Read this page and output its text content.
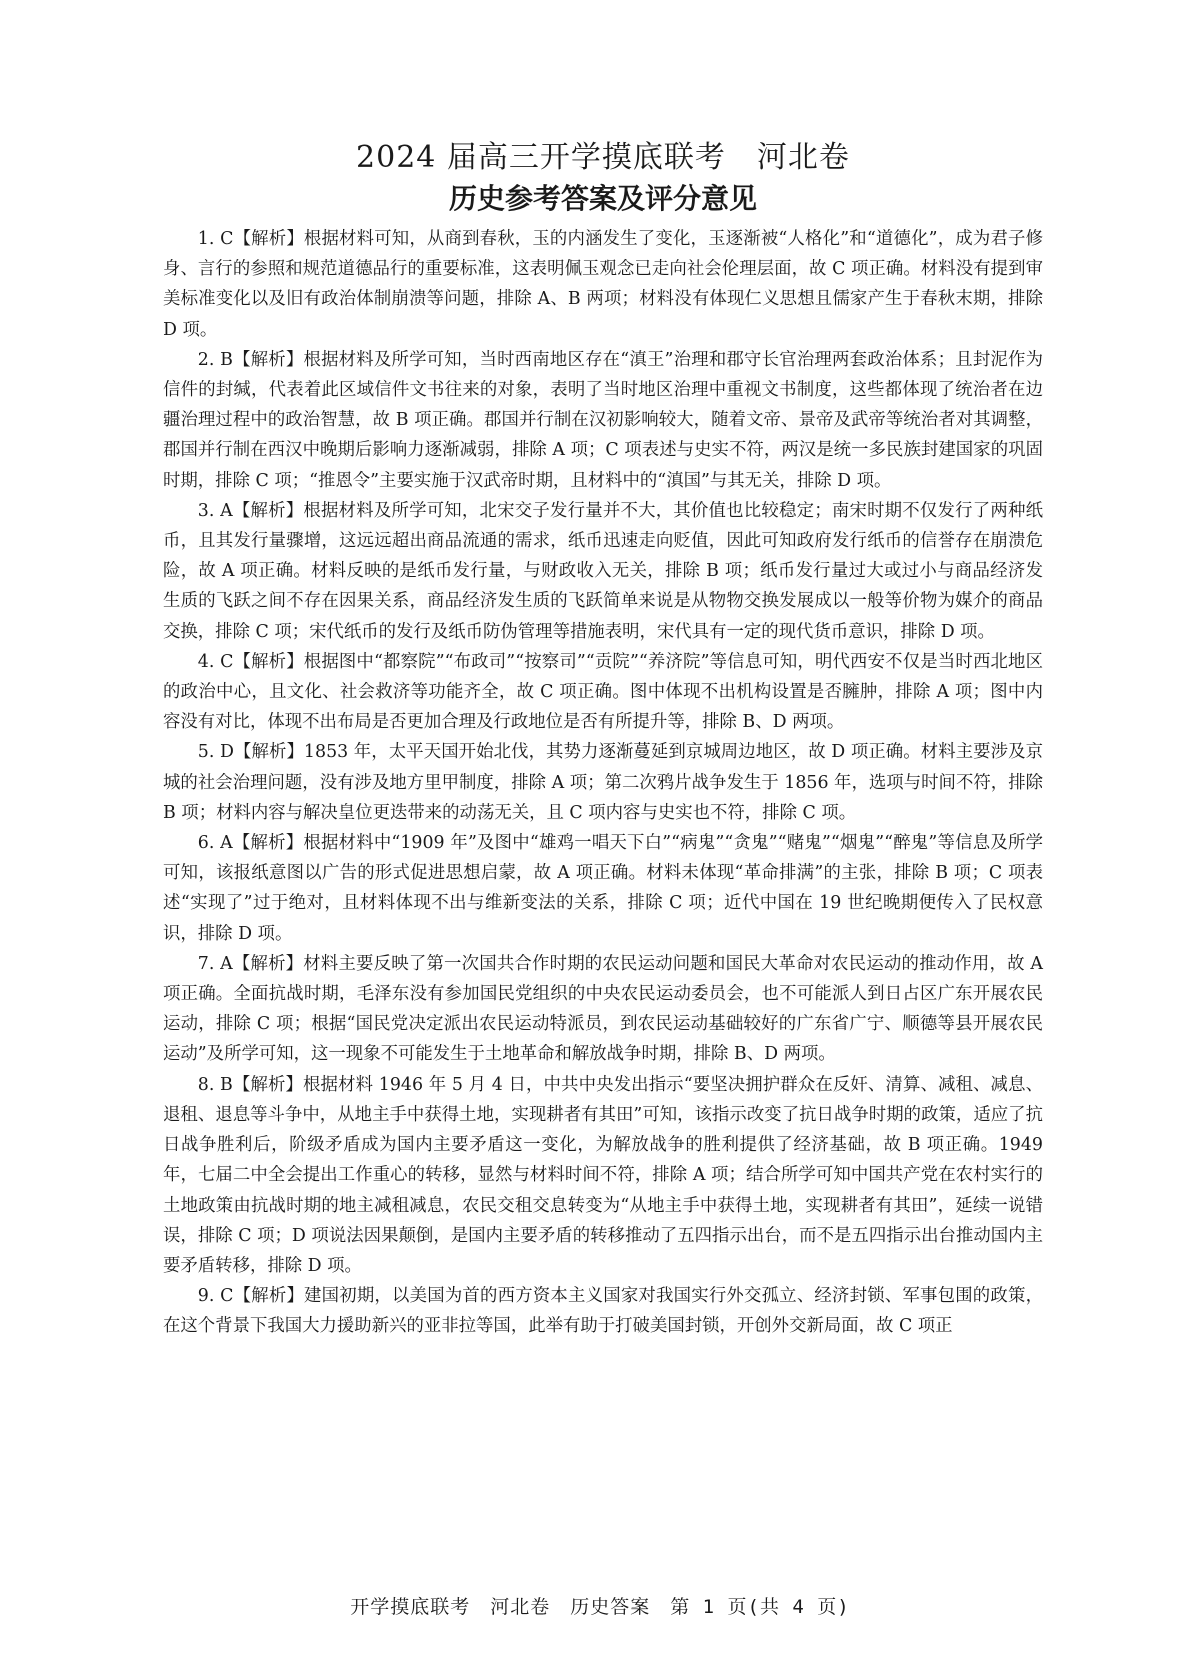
2024 届高三开学摸底联考　河北卷
历史参考答案及评分意见

1. C【解析】根据材料可知，从商到春秋，玉的内涵发生了变化，玉逐渐被“人格化”和“道德化”，成为君子修身、言行的参照和规范道德品行的重要标准，这表明佩玉观念已走向社会伦理层面，故 C 项正确。材料没有提到审美标准变化以及旧有政治体制崩溃等问题，排除 A、B 两项；材料没有体现仁义思想且儒家产生于春秋末期，排除 D 项。

2. B【解析】根据材料及所学可知，当时西南地区存在“滇王”治理和郡守长官治理两套政治体系；且封泥作为信件的封缄，代表着此区域信件文书往来的对象，表明了当时地区治理中重视文书制度，这些都体现了统治者在边疆治理过程中的政治智慧，故 B 项正确。郡国并行制在汉初影响较大，随着文帝、景帝及武帝等统治者对其调整，郡国并行制在西汉中晚期后影响力逐渐减弱，排除 A 项；C 项表述与史实不符，两汉是统一多民族封建国家的巩固时期，排除 C 项；“推恩令”主要实施于汉武帝时期，且材料中的“滇国”与其无关，排除 D 项。

3. A【解析】根据材料及所学可知，北宋交子发行量并不大，其价值也比较稳定；南宋时期不仅发行了两种纸币，且其发行量骤增，这远远超出商品流通的需求，纸币迅速走向贬值，因此可知政府发行纸币的信誉存在崩溃危险，故 A 项正确。材料反映的是纸币发行量，与财政收入无关，排除 B 项；纸币发行量过大或过小与商品经济发生质的飞跃之间不存在因果关系，商品经济发生质的飞跃简单来说是从物物交换发展成以一般等价物为媒介的商品交换，排除 C 项；宋代纸币的发行及纸币防伪管理等措施表明，宋代具有一定的现代货币意识，排除 D 项。

4. C【解析】根据图中“都察院”“布政司”“按察司”“贡院”“养济院”等信息可知，明代西安不仅是当时西北地区的政治中心，且文化、社会救济等功能齐全，故 C 项正确。图中体现不出机构设置是否臃肿，排除 A 项；图中内容没有对比，体现不出布局是否更加合理及行政地位是否有所提升等，排除 B、D 两项。

5. D【解析】1853 年，太平天国开始北伐，其势力逐渐蔓延到京城周边地区，故 D 项正确。材料主要涉及京城的社会治理问题，没有涉及地方里甲制度，排除 A 项；第二次鸦片战争发生于 1856 年，选项与时间不符，排除 B 项；材料内容与解决皇位更迭带来的动荡无关，且 C 项内容与史实也不符，排除 C 项。

6. A【解析】根据材料中“1909 年”及图中“雄鸡一唱天下白”“病鬼”“贪鬼”“赌鬼”“烟鬼”“醉鬼”等信息及所学可知，该报纸意图以广告的形式促进思想启蒙，故 A 项正确。材料未体现“革命排满”的主张，排除 B 项；C 项表述“实现了”过于绝对，且材料体现不出与维新变法的关系，排除 C 项；近代中国在 19 世纪晚期便传入了民权意识，排除 D 项。

7. A【解析】材料主要反映了第一次国共合作时期的农民运动问题和国民大革命对农民运动的推动作用，故 A 项正确。全面抗战时期，毛泽东没有参加国民党组织的中央农民运动委员会，也不可能派人到日占区广东开展农民运动，排除 C 项；根据“国民党决定派出农民运动特派员，到农民运动基础较好的广东省广宁、顺德等县开展农民运动”及所学可知，这一现象不可能发生于土地革命和解放战争时期，排除 B、D 两项。

8. B【解析】根据材料 1946 年 5 月 4 日，中共中央发出指示“要坚决拥护群众在反奸、清算、减租、减息、退租、退息等斗争中，从地主手中获得土地，实现耕者有其田”可知，该指示改变了抗日战争时期的政策，适应了抗日战争胜利后，阶级矛盾成为国内主要矛盾这一变化，为解放战争的胜利提供了经济基础，故 B 项正确。1949 年，七届二中全会提出工作重心的转移，显然与材料时间不符，排除 A 项；结合所学可知中国共产党在农村实行的土地政策由抗战时期的地主减租减息，农民交租交息转变为“从地主手中获得土地，实现耕者有其田”，延续一说错误，排除 C 项；D 项说法因果颠倒，是国内主要矛盾的转移推动了五四指示出台，而不是五四指示出台推动国内主要矛盾转移，排除 D 项。

9. C【解析】建国初期，以美国为首的西方资本主义国家对我国实行外交孤立、经济封锁、军事包围的政策，在这个背景下我国大力援助新兴的亚非拉等国，此举有助于打破美国封锁，开创外交新局面，故 C 项正

开学摸底联考　河北卷　历史答案　第 1 页(共 4 页)
